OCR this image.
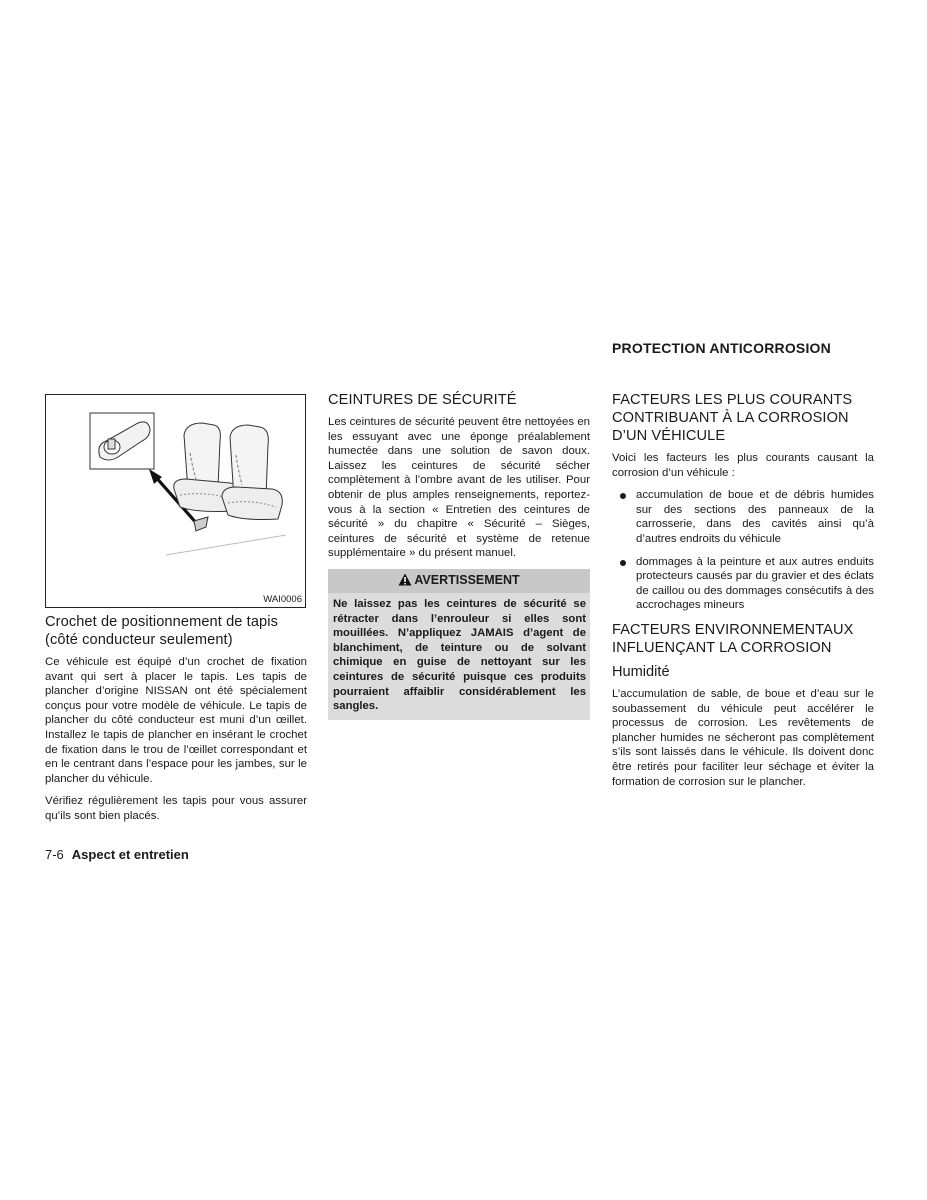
PROTECTION ANTICORROSION
WAI0006
Crochet de positionnement de tapis (côté conducteur seulement)

Ce véhicule est équipé d’un crochet de fixation avant qui sert à placer le tapis. Les tapis de plancher d’origine NISSAN ont été spécialement conçus pour votre modèle de véhicule. Le tapis de plancher du côté conducteur est muni d’un œillet. Installez le tapis de plancher en insérant le crochet de fixation dans le trou de l’œillet correspondant et en le centrant dans l’espace pour les jambes, sur le plancher du véhicule.

Vérifiez régulièrement les tapis pour vous assurer qu’ils sont bien placés.

CEINTURES DE SÉCURITÉ

Les ceintures de sécurité peuvent être nettoyées en les essuyant avec une éponge préalablement humectée dans une solution de savon doux. Laissez les ceintures de sécurité sécher complètement à l’ombre avant de les utiliser. Pour obtenir de plus amples renseignements, reportez-vous à la section « Entretien des ceintures de sécurité » du chapitre « Sécurité – Sièges, ceintures de sécurité et système de retenue supplémentaire » du présent manuel.

AVERTISSEMENT
Ne laissez pas les ceintures de sécurité se rétracter dans l’enrouleur si elles sont mouillées. N’appliquez JAMAIS d’agent de blanchiment, de teinture ou de solvant chimique en guise de nettoyant sur les ceintures de sécurité puisque ces produits pourraient affaiblir considérablement les sangles.
FACTEURS LES PLUS COURANTS CONTRIBUANT À LA CORROSION D’UN VÉHICULE

Voici les facteurs les plus courants causant la corrosion d’un véhicule :

accumulation de boue et de débris humides sur des sections des panneaux de la carrosserie, dans des cavités ainsi qu’à d’autres endroits du véhicule
dommages à la peinture et aux autres enduits protecteurs causés par du gravier et des éclats de caillou ou des dommages consécutifs à des accrochages mineurs
FACTEURS ENVIRONNEMENTAUX INFLUENÇANT LA CORROSION
Humidité

L’accumulation de sable, de boue et d’eau sur le soubassement du véhicule peut accélérer le processus de corrosion. Les revêtements de plancher humides ne sécheront pas complètement s’ils sont laissés dans le véhicule. Ils doivent donc être retirés pour faciliter leur séchage et éviter la formation de corrosion sur le plancher.

7-6 Aspect et entretien
